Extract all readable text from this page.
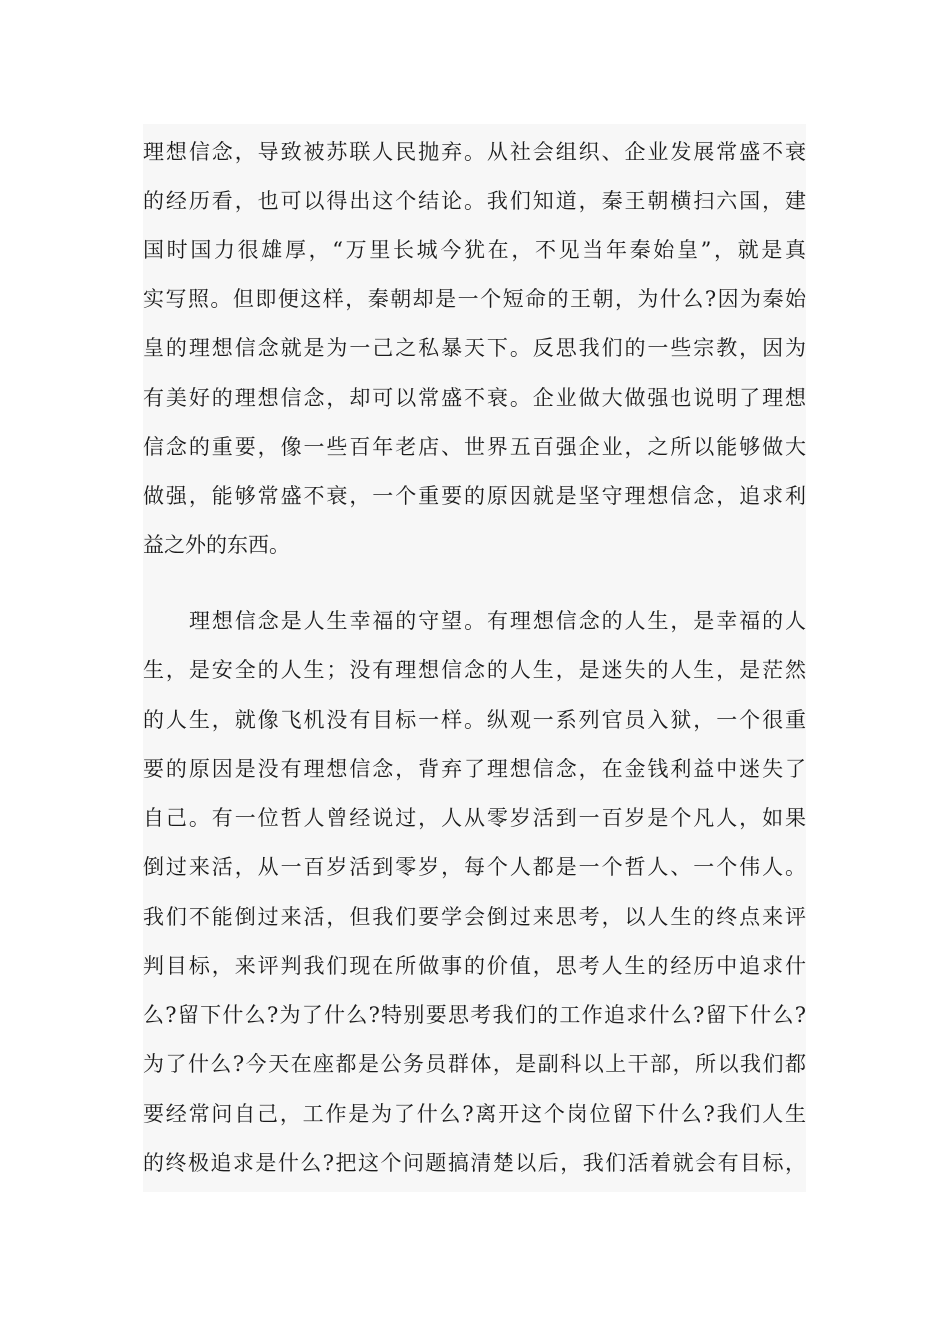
理想信念，导致被苏联人民抛弃。从社会组织、企业发展常盛不衰
的经历看，也可以得出这个结论。我们知道，秦王朝横扫六国，建
国时国力很雄厚，“万里长城今犹在，不见当年秦始皇”，就是真
实写照。但即便这样，秦朝却是一个短命的王朝，为什么?因为秦始
皇的理想信念就是为一己之私暴天下。反思我们的一些宗教，因为
有美好的理想信念，却可以常盛不衰。企业做大做强也说明了理想
信念的重要，像一些百年老店、世界五百强企业，之所以能够做大
做强，能够常盛不衰，一个重要的原因就是坚守理想信念，追求利
益之外的东西。
理想信念是人生幸福的守望。有理想信念的人生，是幸福的人
生，是安全的人生；没有理想信念的人生，是迷失的人生，是茫然
的人生，就像飞机没有目标一样。纵观一系列官员入狱，一个很重
要的原因是没有理想信念，背弃了理想信念，在金钱利益中迷失了
自己。有一位哲人曾经说过，人从零岁活到一百岁是个凡人，如果
倒过来活，从一百岁活到零岁，每个人都是一个哲人、一个伟人。
我们不能倒过来活，但我们要学会倒过来思考，以人生的终点来评
判目标，来评判我们现在所做事的价值，思考人生的经历中追求什
么?留下什么?为了什么?特别要思考我们的工作追求什么?留下什么?
为了什么?今天在座都是公务员群体，是副科以上干部，所以我们都
要经常问自己，工作是为了什么?离开这个岗位留下什么?我们人生
的终极追求是什么?把这个问题搞清楚以后，我们活着就会有目标，
